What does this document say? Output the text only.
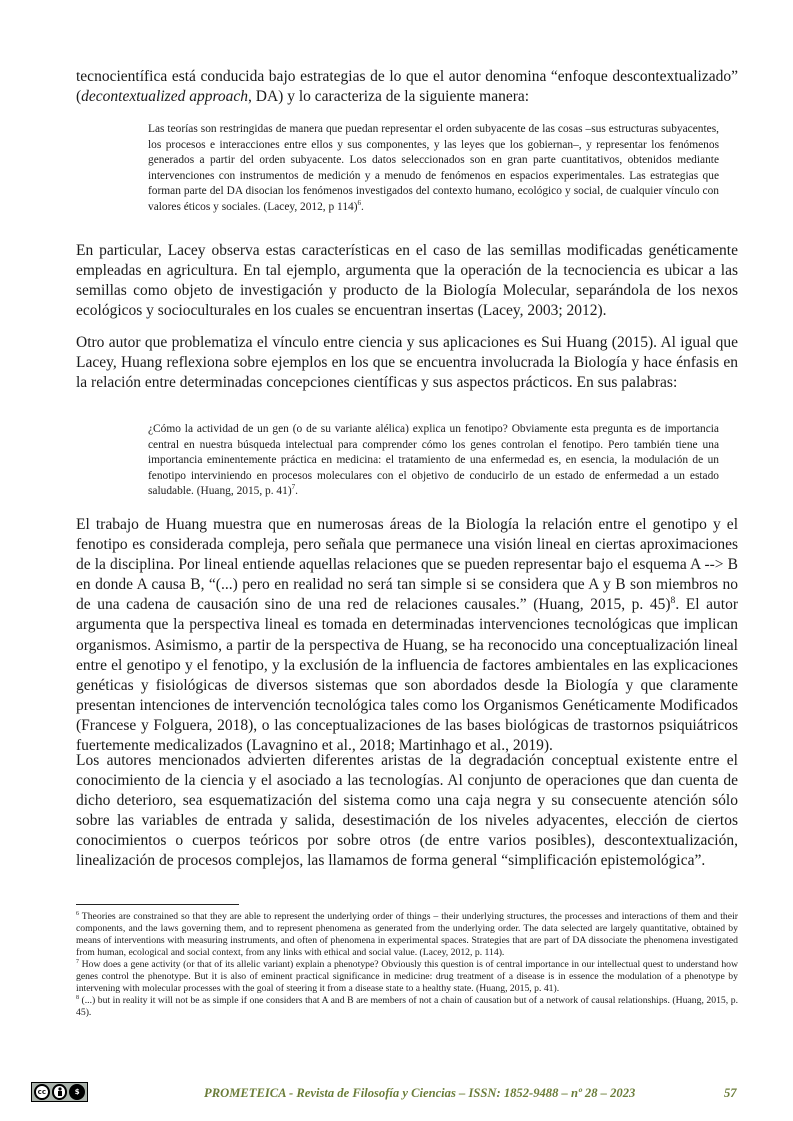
tecnocientífica está conducida bajo estrategias de lo que el autor denomina “enfoque descontextualizado” (decontextualized approach, DA) y lo caracteriza de la siguiente manera:

Las teorías son restringidas de manera que puedan representar el orden subyacente de las cosas –sus estructuras subyacentes, los procesos e interacciones entre ellos y sus componentes, y las leyes que los gobiernan–, y representar los fenómenos generados a partir del orden subyacente. Los datos seleccionados son en gran parte cuantitativos, obtenidos mediante intervenciones con instrumentos de medición y a menudo de fenómenos en espacios experimentales. Las estrategias que forman parte del DA disocian los fenómenos investigados del contexto humano, ecológico y social, de cualquier vínculo con valores éticos y sociales. (Lacey, 2012, p 114)$^6$.

En particular, Lacey observa estas características en el caso de las semillas modificadas genéticamente empleadas en agricultura. En tal ejemplo, argumenta que la operación de la tecnociencia es ubicar a las semillas como objeto de investigación y producto de la Biología Molecular, separándola de los nexos ecológicos y socioculturales en los cuales se encuentran insertas (Lacey, 2003; 2012).

Otro autor que problematiza el vínculo entre ciencia y sus aplicaciones es Sui Huang (2015). Al igual que Lacey, Huang reflexiona sobre ejemplos en los que se encuentra involucrada la Biología y hace énfasis en la relación entre determinadas concepciones científicas y sus aspectos prácticos. En sus palabras:

¿Cómo la actividad de un gen (o de su variante alélica) explica un fenotipo? Obviamente esta pregunta es de importancia central en nuestra búsqueda intelectual para comprender cómo los genes controlan el fenotipo. Pero también tiene una importancia eminentemente práctica en medicina: el tratamiento de una enfermedad es, en esencia, la modulación de un fenotipo interviniendo en procesos moleculares con el objetivo de conducirlo de un estado de enfermedad a un estado saludable. (Huang, 2015, p. 41)$^7$.

El trabajo de Huang muestra que en numerosas áreas de la Biología la relación entre el genotipo y el fenotipo es considerada compleja, pero señala que permanece una visión lineal en ciertas aproximaciones de la disciplina. Por lineal entiende aquellas relaciones que se pueden representar bajo el esquema A --> B en donde A causa B, “(...) pero en realidad no será tan simple si se considera que A y B son miembros no de una cadena de causación sino de una red de relaciones causales.” (Huang, 2015, p. 45)$^8$. El autor argumenta que la perspectiva lineal es tomada en determinadas intervenciones tecnológicas que implican organismos. Asimismo, a partir de la perspectiva de Huang, se ha reconocido una conceptualización lineal entre el genotipo y el fenotipo, y la exclusión de la influencia de factores ambientales en las explicaciones genéticas y fisiológicas de diversos sistemas que son abordados desde la Biología y que claramente presentan intenciones de intervención tecnológica tales como los Organismos Genéticamente Modificados (Francese y Folguera, 2018), o las conceptualizaciones de las bases biológicas de trastornos psiquiátricos fuertemente medicalizados (Lavagnino et al., 2018; Martinhago et al., 2019).

Los autores mencionados advierten diferentes aristas de la degradación conceptual existente entre el conocimiento de la ciencia y el asociado a las tecnologías. Al conjunto de operaciones que dan cuenta de dicho deterioro, sea esquematización del sistema como una caja negra y su consecuente atención sólo sobre las variables de entrada y salida, desestimación de los niveles adyacentes, elección de ciertos conocimientos o cuerpos teóricos por sobre otros (de entre varios posibles), descontextualización, linealización de procesos complejos, las llamamos de forma general “simplificación epistemológica”.

$^6$ Theories are constrained so that they are able to represent the underlying order of things – their underlying structures, the processes and interactions of them and their components, and the laws governing them, and to represent phenomena as generated from the underlying order. The data selected are largely quantitative, obtained by means of interventions with measuring instruments, and often of phenomena in experimental spaces. Strategies that are part of DA dissociate the phenomena investigated from human, ecological and social context, from any links with ethical and social value. (Lacey, 2012, p. 114).

$^7$ How does a gene activity (or that of its allelic variant) explain a phenotype? Obviously this question is of central importance in our intellectual quest to understand how genes control the phenotype. But it is also of eminent practical significance in medicine: drug treatment of a disease is in essence the modulation of a phenotype by intervening with molecular processes with the goal of steering it from a disease state to a healthy state. (Huang, 2015, p. 41).

$^8$ (...) but in reality it will not be as simple if one considers that A and B are members of not a chain of causation but of a network of causal relationships. (Huang, 2015, p. 45).

cc	$	PROMETEICA - Revista de Filosofía y Ciencias – ISSN: 1852-9488 – nº 28 – 2023	57
